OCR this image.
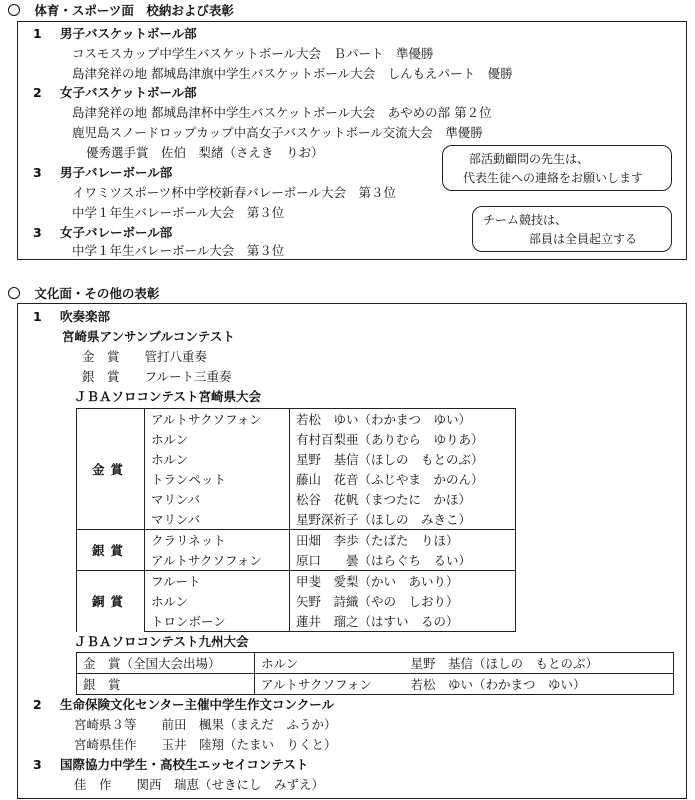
体育・スポーツ面　校納および表彰
1 男子バスケットボール部
コスモスカップ中学生バスケットボール大会　Ｂパート　準優勝
島津発祥の地 都城島津旗中学生バスケットボール大会　しんもえパート　優勝
2 女子バスケットボール部
島津発祥の地 都城島津杯中学生バスケットボール大会　あやめの部 第２位
鹿児島スノードロップカップ中高女子バスケットボール交流大会　準優勝
優秀選手賞　佐伯　梨緒（さえき　りお）
3 男子バレーボール部
イワミツスポーツ杯中学校新春バレーボール大会　第３位
中学１年生バレーボール大会　第３位
3 女子バレーボール部
中学１年生バレーボール大会　第３位
部活動顧問の先生は、
代表生徒への連絡をお願いします
チーム競技は、
部員は全員起立する
文化面・その他の表彰
1 吹奏楽部
宮崎県アンサンブルコンテスト
金　賞　　管打八重奏
銀　賞　　フルート三重奏
ＪＢＡソロコンテスト宮崎県大会
金賞	アルトサクソフォン	若松　ゆい（わかまつ　ゆい）
	ホルン	有村百梨亜（ありむら　ゆりあ）
	ホルン	星野　基信（ほしの　もとのぶ）
	トランペット	藤山　花音（ふじやま　かのん）
	マリンバ	松谷　花帆（まつたに　かほ）
	マリンバ	星野深祈子（ほしの　みきこ）
銀賞	クラリネット	田畑　李歩（たばた　りほ）
	アルトサクソフォン	原口　　曇（はらぐち　るい）
銅賞	フルート	甲斐　愛梨（かい　あいり）
	ホルン	矢野　詩織（やの　しおり）
	トロンボーン	蓮井　瑠之（はすい　るの）
ＪＢＡソロコンテスト九州大会
金　賞（全国大会出場）	ホルン	星野　基信（ほしの　もとのぶ）
銀　賞	アルトサクソフォン	若松　ゆい（わかまつ　ゆい）
2 生命保険文化センター主催中学生作文コンクール
宮崎県３等　　前田　楓果（まえだ　ふうか）
宮崎県佳作　　玉井　陸翔（たまい　りくと）
3 国際協力中学生・高校生エッセイコンテスト
佳　作　　関西　瑞恵（せきにし　みずえ）
